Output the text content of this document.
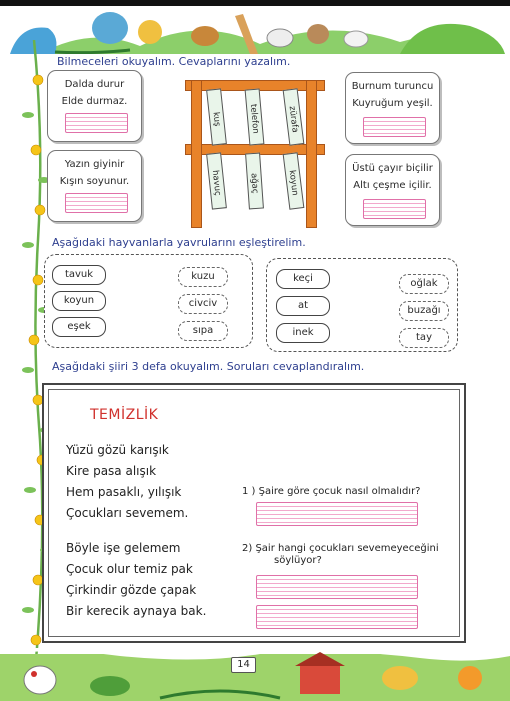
Bilmeceleri okuyalım. Cevaplarını yazalım.
Dalda durur
Elde durmaz.
Yazın giyinir
Kışın soyunur.
Burnum turuncu
Kuyruğum yeşil.
Üstü çayır biçilir
Altı çeşme içilir.
kuş	telefon	zürafa
havuç	ağaç	koyun
Aşağıdaki hayvanlarla yavrularını eşleştirelim.
tavuk
koyun
eşek
kuzu
civciv
sıpa
keçi
at
inek
oğlak
buzağı
tay
Aşağıdaki şiiri 3 defa okuyalım. Soruları cevaplandıralım.
TEMİZLİK
Yüzü gözü karışık
Kire pasa alışık
Hem pasaklı, yılışık
Çocukları sevemem.
Böyle işe gelemem
Çocuk olur temiz pak
Çirkindir gözde çapak
Bir kerecik aynaya bak.
1 ) Şaire göre çocuk nasıl olmalıdır?
2) Şair hangi çocukları sevemeyeceğini
söylüyor?
14
